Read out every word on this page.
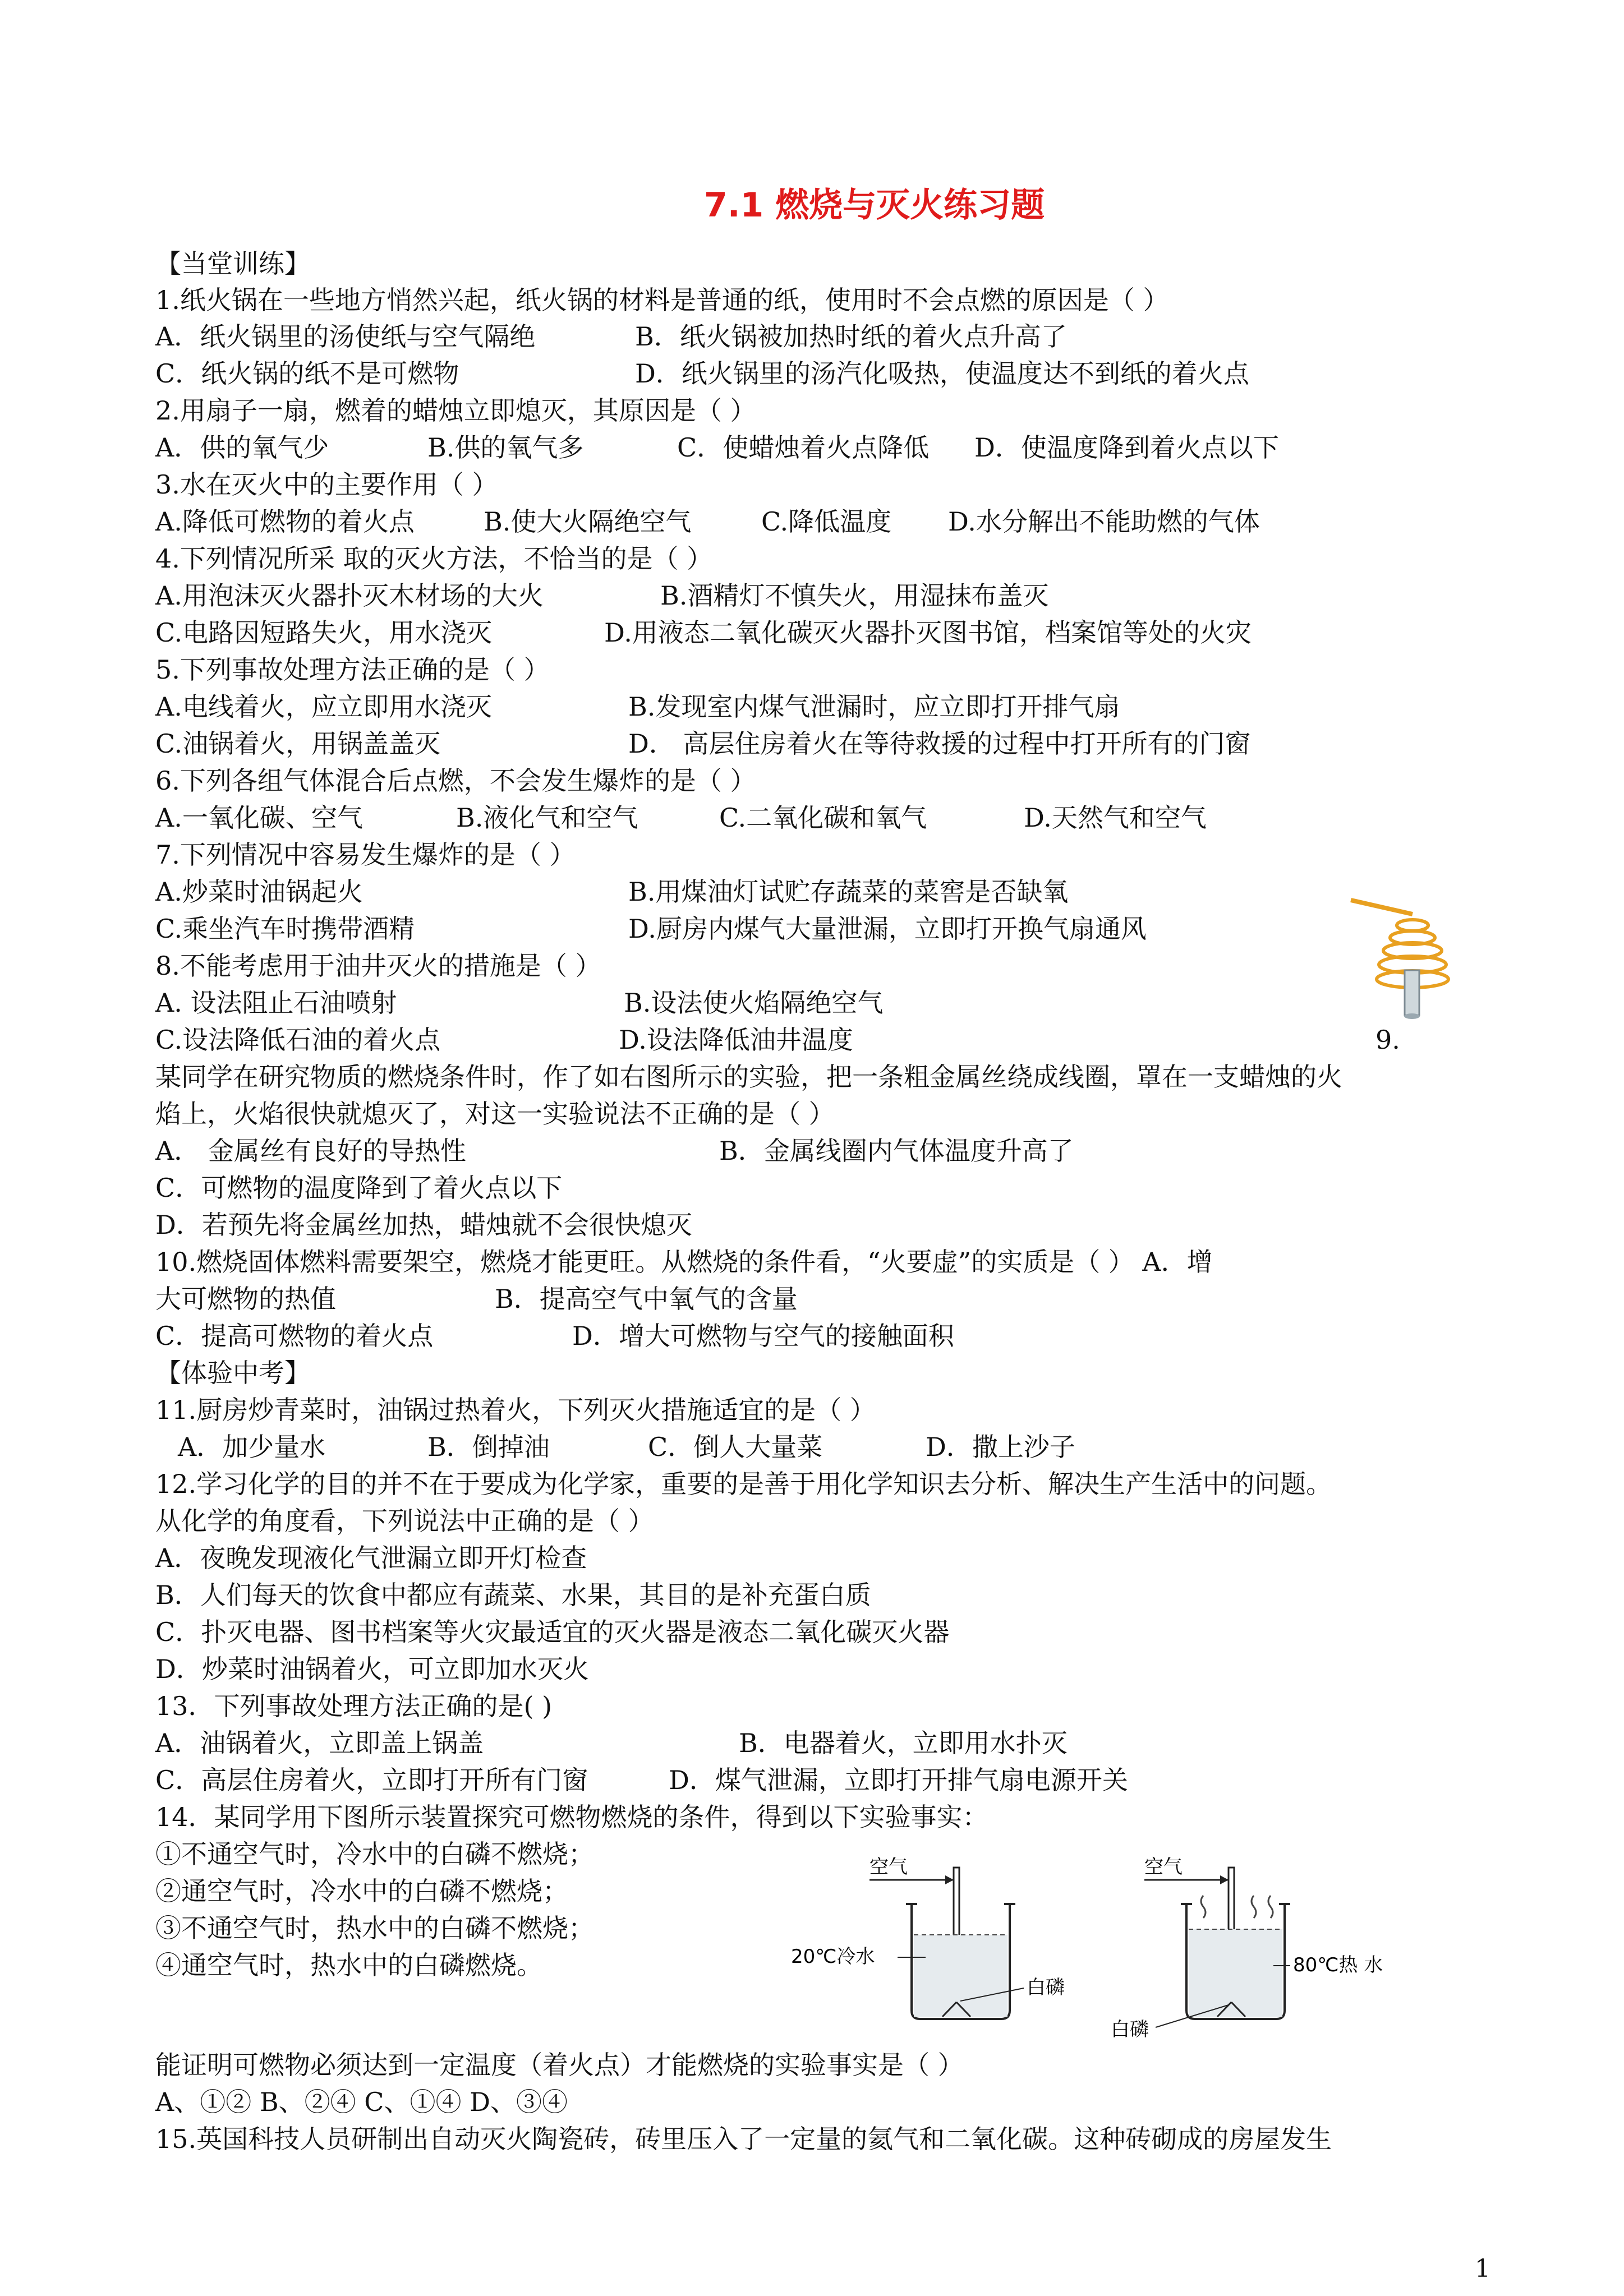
7.1 燃烧与灭火练习题
【当堂训练】
1.纸火锅在一些地方悄然兴起，纸火锅的材料是普通的纸，使用时不会点燃的原因是（ ）
A．纸火锅里的汤使纸与空气隔绝	B．纸火锅被加热时纸的着火点升高了
C．纸火锅的纸不是可燃物	D．纸火锅里的汤汽化吸热，使温度达不到纸的着火点
2.用扇子一扇，燃着的蜡烛立即熄灭，其原因是（ ）
A．供的氧气少	B.供的氧气多	C．使蜡烛着火点降低 D．使温度降到着火点以下
3.水在灭火中的主要作用（ ）
A.降低可燃物的着火点	B.使大火隔绝空气	C.降低温度 D.水分解出不能助燃的气体
4.下列情况所采 取的灭火方法，不恰当的是（ ）
A.用泡沫灭火器扑灭木材场的大火	B.酒精灯不慎失火，用湿抹布盖灭
C.电路因短路失火，用水浇灭	D.用液态二氧化碳灭火器扑灭图书馆，档案馆等处的火灾
5.下列事故处理方法正确的是（ ）
A.电线着火，应立即用水浇灭	B.发现室内煤气泄漏时，应立即打开排气扇
C.油锅着火，用锅盖盖灭	D． 高层住房着火在等待救援的过程中打开所有的门窗
6.下列各组气体混合后点燃，不会发生爆炸的是（ ）
A.一氧化碳、空气	B.液化气和空气	C.二氧化碳和氧气	D.天然气和空气
7.下列情况中容易发生爆炸的是（ ）
A.炒菜时油锅起火	B.用煤油灯试贮存蔬菜的菜窖是否缺氧
C.乘坐汽车时携带酒精	D.厨房内煤气大量泄漏，立即打开换气扇通风
8.不能考虑用于油井灭火的措施是（ ）
A. 设法阻止石油喷射	B.设法使火焰隔绝空气
C.设法降低石油的着火点	D.设法降低油井温度	9.
某同学在研究物质的燃烧条件时，作了如右图所示的实验，把一条粗金属丝绕成线圈，罩在一支蜡烛的火
焰上，火焰很快就熄灭了，对这一实验说法不正确的是（ ）
A． 金属丝有良好的导热性	B．金属线圈内气体温度升高了
C．可燃物的温度降到了着火点以下
D．若预先将金属丝加热，蜡烛就不会很快熄灭
10.燃烧固体燃料需要架空，燃烧才能更旺。从燃烧的条件看，“火要虚”的实质是（ ） A．增
大可燃物的热值	B．提高空气中氧气的含量
C．提高可燃物的着火点	D．增大可燃物与空气的接触面积
【体验中考】
11.厨房炒青菜时，油锅过热着火，下列灭火措施适宜的是（ ）
A．加少量水	B．倒掉油	C．倒人大量菜	D．撒上沙子
12.学习化学的目的并不在于要成为化学家，重要的是善于用化学知识去分析、解决生产生活中的问题。
从化学的角度看，下列说法中正确的是（ ）
A．夜晚发现液化气泄漏立即开灯检查
B．人们每天的饮食中都应有蔬菜、水果，其目的是补充蛋白质
C．扑灭电器、图书档案等火灾最适宜的灭火器是液态二氧化碳灭火器
D．炒菜时油锅着火，可立即加水灭火
13．下列事故处理方法正确的是( )
A．油锅着火，立即盖上锅盖	B．电器着火，立即用水扑灭
C．高层住房着火，立即打开所有门窗	D．煤气泄漏，立即打开排气扇电源开关
14．某同学用下图所示装置探究可燃物燃烧的条件，得到以下实验事实：
①不通空气时，冷水中的白磷不燃烧；
②通空气时，冷水中的白磷不燃烧；
③不通空气时，热水中的白磷不燃烧；
④通空气时，热水中的白磷燃烧。
空气
20℃冷水
白磷
空气
80℃热 水
白磷
能证明可燃物必须达到一定温度（着火点）才能燃烧的实验事实是（ ）
A、①② B、②④ C、①④ D、③④
15.英国科技人员研制出自动灭火陶瓷砖，砖里压入了一定量的氦气和二氧化碳。这种砖砌成的房屋发生
1
